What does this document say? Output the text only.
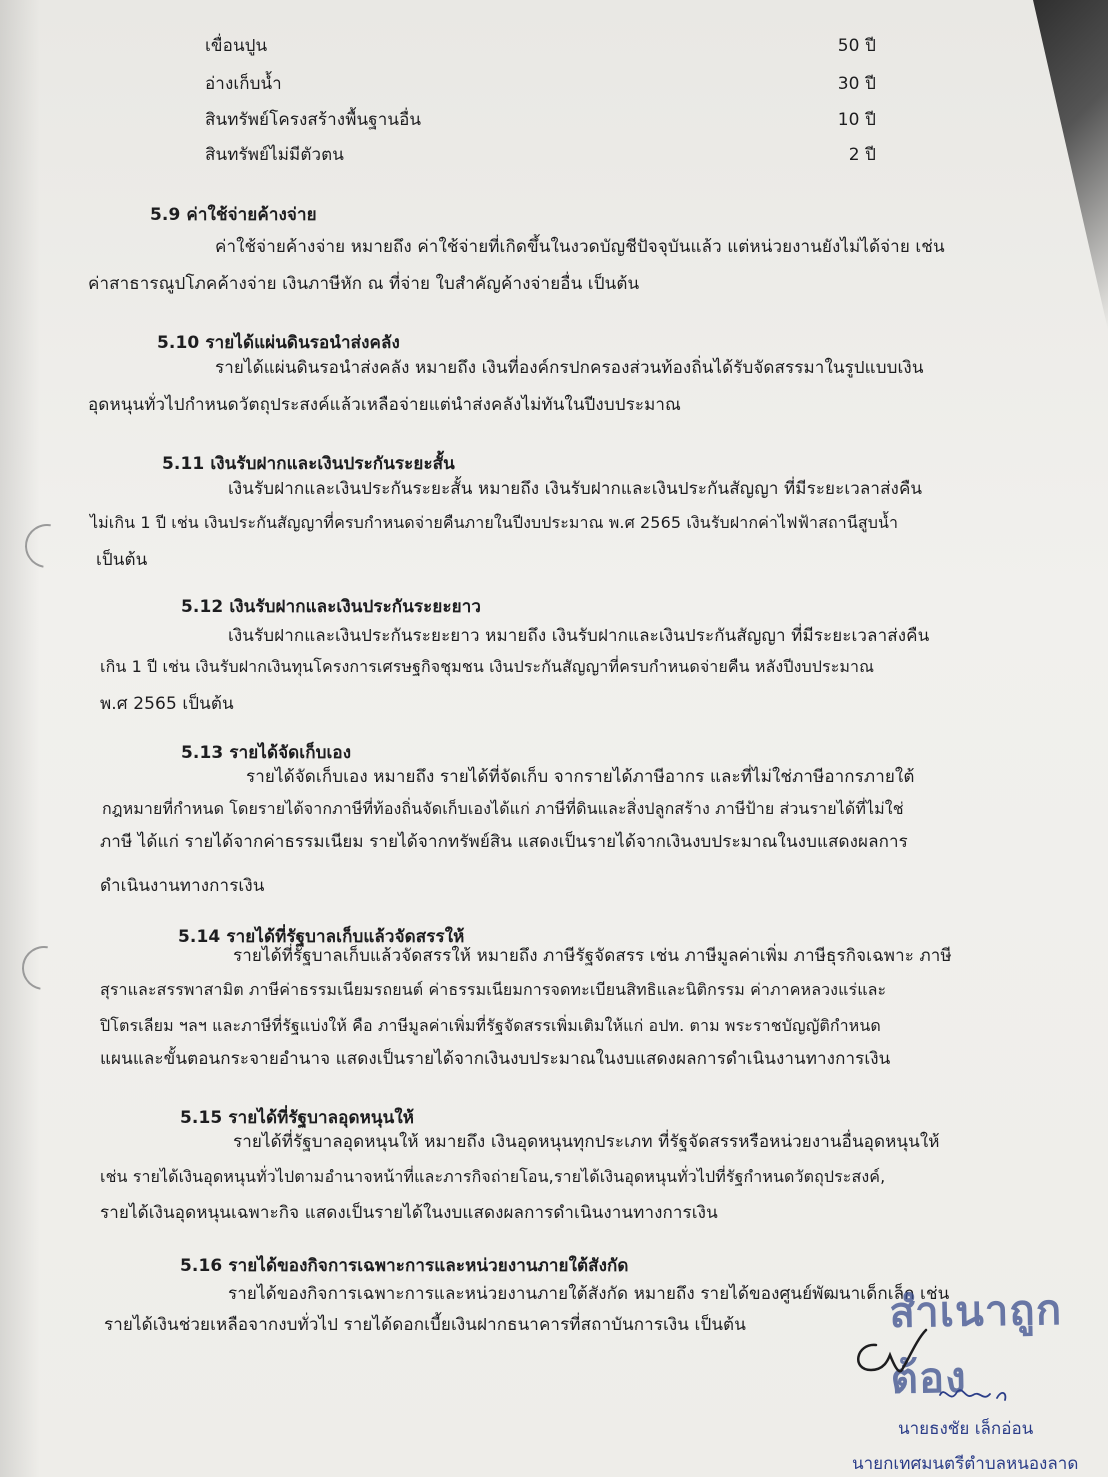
เขื่อนปูน	50 ปี
อ่างเก็บน้ำ	30 ปี
สินทรัพย์โครงสร้างพื้นฐานอื่น	10 ปี
สินทรัพย์ไม่มีตัวตน	2 ปี
5.9 ค่าใช้จ่ายค้างจ่าย
ค่าใช้จ่ายค้างจ่าย หมายถึง ค่าใช้จ่ายที่เกิดขึ้นในงวดบัญชีปัจจุบันแล้ว แต่หน่วยงานยังไม่ได้จ่าย เช่น
ค่าสาธารณูปโภคค้างจ่าย เงินภาษีหัก ณ ที่จ่าย ใบสำคัญค้างจ่ายอื่น เป็นต้น
5.10 รายได้แผ่นดินรอนำส่งคลัง
รายได้แผ่นดินรอนำส่งคลัง หมายถึง เงินที่องค์กรปกครองส่วนท้องถิ่นได้รับจัดสรรมาในรูปแบบเงิน
อุดหนุนทั่วไปกำหนดวัตถุประสงค์แล้วเหลือจ่ายแต่นำส่งคลังไม่ทันในปีงบประมาณ
5.11 เงินรับฝากและเงินประกันระยะสั้น
เงินรับฝากและเงินประกันระยะสั้น หมายถึง เงินรับฝากและเงินประกันสัญญา ที่มีระยะเวลาส่งคืน
ไม่เกิน 1 ปี เช่น เงินประกันสัญญาที่ครบกำหนดจ่ายคืนภายในปีงบประมาณ พ.ศ 2565 เงินรับฝากค่าไฟฟ้าสถานีสูบน้ำ
เป็นต้น
5.12 เงินรับฝากและเงินประกันระยะยาว
เงินรับฝากและเงินประกันระยะยาว หมายถึง เงินรับฝากและเงินประกันสัญญา ที่มีระยะเวลาส่งคืน
เกิน 1 ปี เช่น เงินรับฝากเงินทุนโครงการเศรษฐกิจชุมชน เงินประกันสัญญาที่ครบกำหนดจ่ายคืน หลังปีงบประมาณ
พ.ศ 2565 เป็นต้น
5.13 รายได้จัดเก็บเอง
รายได้จัดเก็บเอง หมายถึง รายได้ที่จัดเก็บ จากรายได้ภาษีอากร และที่ไม่ใช่ภาษีอากรภายใต้
กฎหมายที่กำหนด โดยรายได้จากภาษีที่ท้องถิ่นจัดเก็บเองได้แก่ ภาษีที่ดินและสิ่งปลูกสร้าง ภาษีป้าย ส่วนรายได้ที่ไม่ใช่
ภาษี ได้แก่ รายได้จากค่าธรรมเนียม รายได้จากทรัพย์สิน แสดงเป็นรายได้จากเงินงบประมาณในงบแสดงผลการ
ดำเนินงานทางการเงิน
5.14 รายได้ที่รัฐบาลเก็บแล้วจัดสรรให้
รายได้ที่รัฐบาลเก็บแล้วจัดสรรให้ หมายถึง ภาษีรัฐจัดสรร เช่น ภาษีมูลค่าเพิ่ม ภาษีธุรกิจเฉพาะ ภาษี
สุราและสรรพาสามิต ภาษีค่าธรรมเนียมรถยนต์ ค่าธรรมเนียมการจดทะเบียนสิทธิและนิติกรรม ค่าภาคหลวงแร่และ
ปิโตรเลียม ฯลฯ และภาษีที่รัฐแบ่งให้ คือ ภาษีมูลค่าเพิ่มที่รัฐจัดสรรเพิ่มเติมให้แก่ อปท. ตาม พระราชบัญญัติกำหนด
แผนและขั้นตอนกระจายอำนาจ แสดงเป็นรายได้จากเงินงบประมาณในงบแสดงผลการดำเนินงานทางการเงิน
5.15 รายได้ที่รัฐบาลอุดหนุนให้
รายได้ที่รัฐบาลอุดหนุนให้ หมายถึง เงินอุดหนุนทุกประเภท ที่รัฐจัดสรรหรือหน่วยงานอื่นอุดหนุนให้
เช่น รายได้เงินอุดหนุนทั่วไปตามอำนาจหน้าที่และภารกิจถ่ายโอน,รายได้เงินอุดหนุนทั่วไปที่รัฐกำหนดวัตถุประสงค์,
รายได้เงินอุดหนุนเฉพาะกิจ แสดงเป็นรายได้ในงบแสดงผลการดำเนินงานทางการเงิน
5.16 รายได้ของกิจการเฉพาะการและหน่วยงานภายใต้สังกัด
รายได้ของกิจการเฉพาะการและหน่วยงานภายใต้สังกัด หมายถึง รายได้ของศูนย์พัฒนาเด็กเล็ก เช่น
รายได้เงินช่วยเหลือจากงบทั่วไป รายได้ดอกเบี้ยเงินฝากธนาคารที่สถาบันการเงิน เป็นต้น	สำเนาถูกต้อง
นายธงชัย เล็กอ่อน
นายกเทศมนตรีตำบลหนองลาด
